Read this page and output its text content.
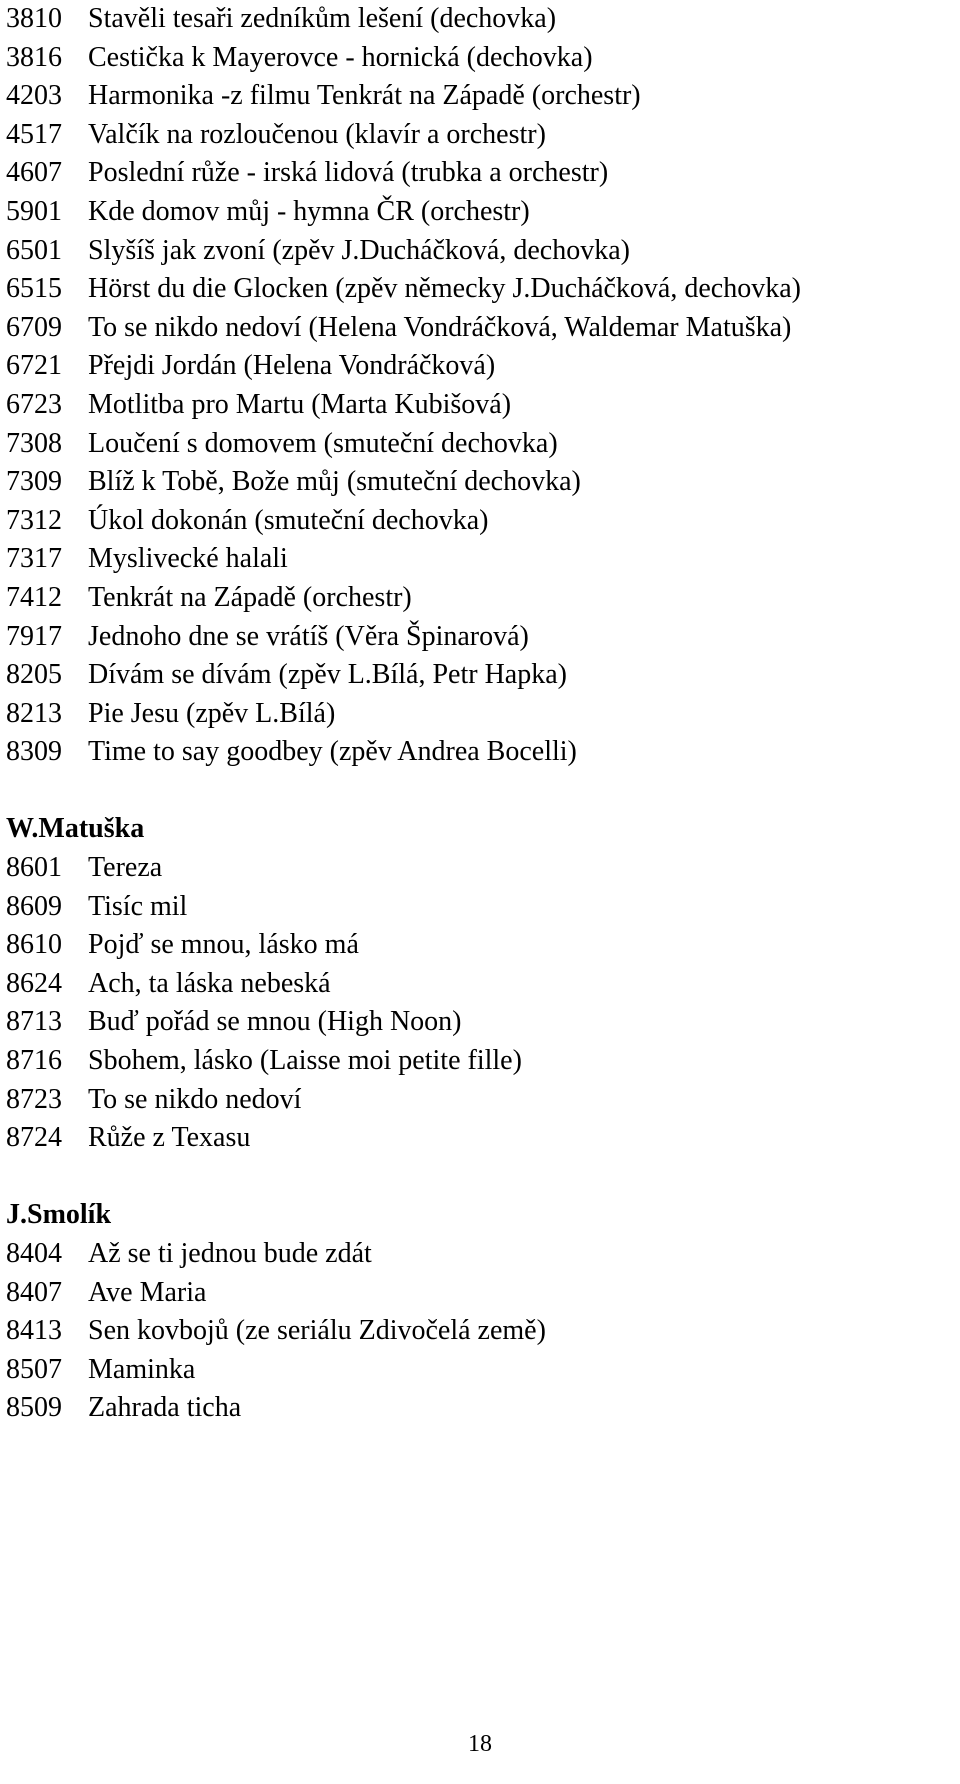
3810 Stavěli tesaři zedníkům lešení (dechovka)
3816 Cestička k Mayerovce - hornická (dechovka)
4203 Harmonika -z filmu Tenkrát na Západě (orchestr)
4517 Valčík na rozloučenou (klavír a orchestr)
4607 Poslední růže - irská lidová (trubka a orchestr)
5901 Kde domov můj - hymna ČR (orchestr)
6501 Slyšíš jak zvoní (zpěv J.Ducháčková, dechovka)
6515 Hörst du die Glocken (zpěv německy J.Ducháčková, dechovka)
6709 To se nikdo nedoví (Helena Vondráčková, Waldemar Matuška)
6721 Přejdi Jordán (Helena Vondráčková)
6723 Motlitba pro Martu (Marta Kubišová)
7308 Loučení s domovem (smuteční dechovka)
7309 Blíž k Tobě, Bože můj (smuteční dechovka)
7312 Úkol dokonán (smuteční dechovka)
7317 Myslivecké halali
7412 Tenkrát na Západě (orchestr)
7917 Jednoho dne se vrátíš (Věra Špinarová)
8205 Dívám se dívám (zpěv L.Bílá, Petr Hapka)
8213 Pie Jesu (zpěv L.Bílá)
8309 Time to say goodbey (zpěv Andrea Bocelli)
W.Matuška
8601 Tereza
8609 Tisíc mil
8610 Pojď se mnou, lásko má
8624 Ach, ta láska nebeská
8713 Buď pořád se mnou (High Noon)
8716 Sbohem, lásko (Laisse moi petite fille)
8723 To se nikdo nedoví
8724 Růže z Texasu
J.Smolík
8404 Až se ti jednou bude zdát
8407 Ave Maria
8413 Sen kovbojů (ze seriálu Zdivočelá země)
8507 Maminka
8509 Zahrada ticha
18
